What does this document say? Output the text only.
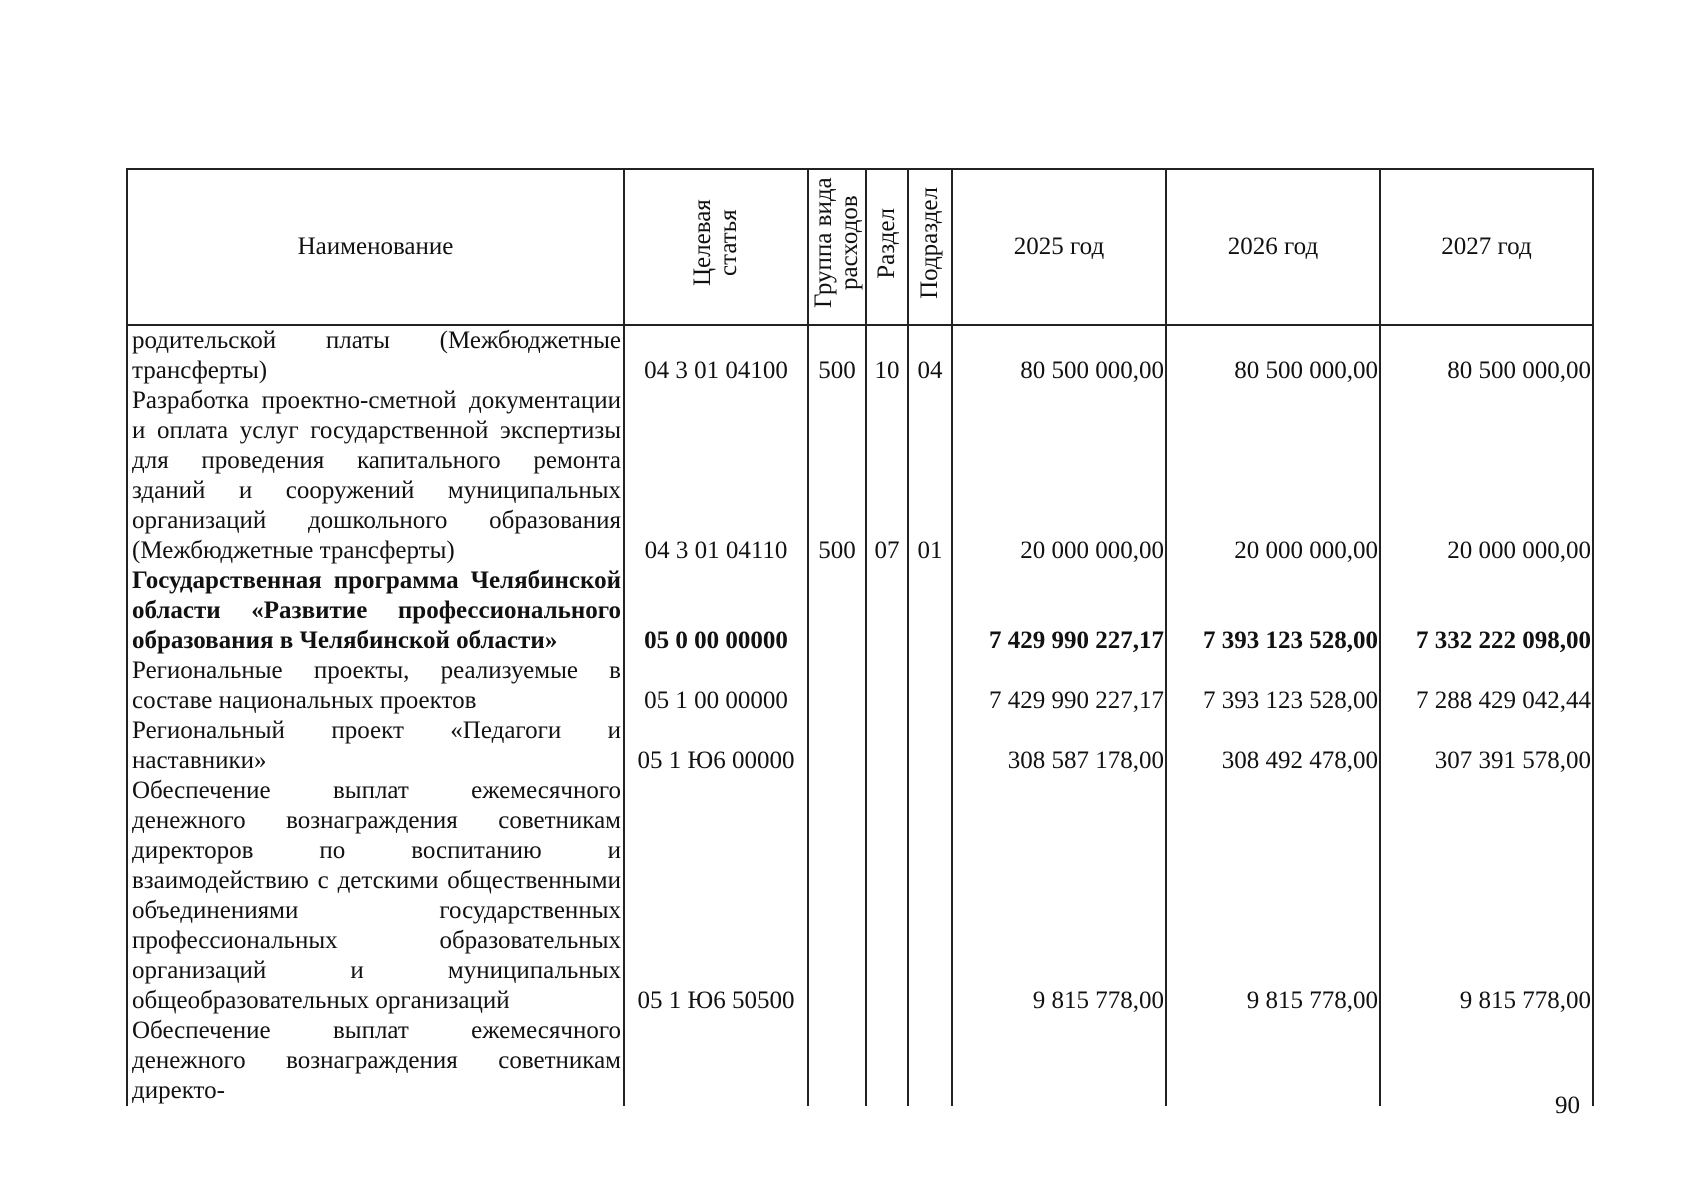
Наименование	Целевая статья	Группа вида расходов	Раздел	Подраздел	2025 год	2026 год	2027 год
родительской платы (Межбюджетные трансферты)	04 3 01 04100	500	10	04	80 500 000,00	80 500 000,00	80 500 000,00
Разработка проектно-сметной документации и оплата услуг государственной экспертизы для проведения капитального ремонта зданий и сооружений муниципальных организаций дошкольного образования (Межбюджетные трансферты)	04 3 01 04110	500	07	01	20 000 000,00	20 000 000,00	20 000 000,00
Государственная программа Челябинской области «Развитие профессионального образования в Челябинской области»	05 0 00 00000				7 429 990 227,17	7 393 123 528,00	7 332 222 098,00
Региональные проекты, реализуемые в составе национальных проектов	05 1 00 00000				7 429 990 227,17	7 393 123 528,00	7 288 429 042,44
Региональный проект «Педагоги и наставники»	05 1 Ю6 00000				308 587 178,00	308 492 478,00	307 391 578,00
Обеспечение выплат ежемесячного денежного вознаграждения советникам директоров по воспитанию и взаимодействию с детскими общественными объединениями государственных профессиональных образовательных организаций и муниципальных общеобразовательных организаций	05 1 Ю6 50500				9 815 778,00	9 815 778,00	9 815 778,00
Обеспечение выплат ежемесячного денежного вознаграждения советникам директо-							
90
